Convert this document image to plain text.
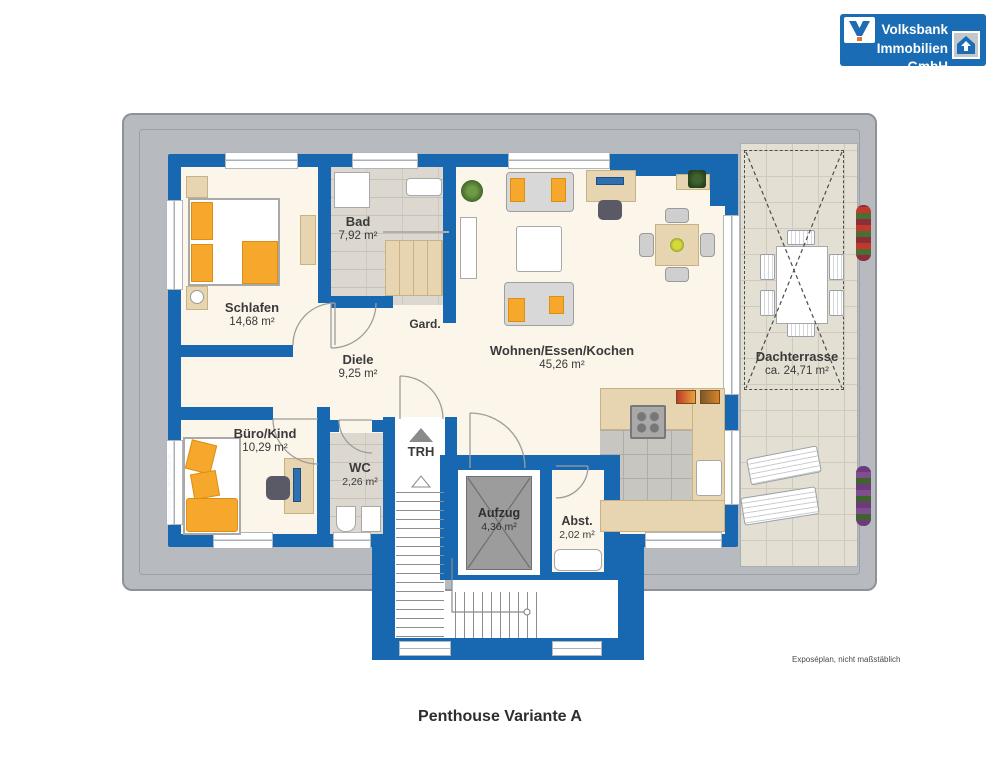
Volksbank
Immobilien GmbH
Schlafen
14,68 m²
Bad
7,92 m²
Gard.
Diele
9,25 m²
Wohnen/Essen/Kochen
45,26 m²
Büro/Kind
10,29 m²
WC
2,26 m²
TRH
Aufzug
4,36 m²	Abst.
2,02 m²
Dachterrasse
ca. 24,71 m²
Illustration©ImmoGrafik
Exposéplan, nicht maßstäblich
Penthouse Variante A
